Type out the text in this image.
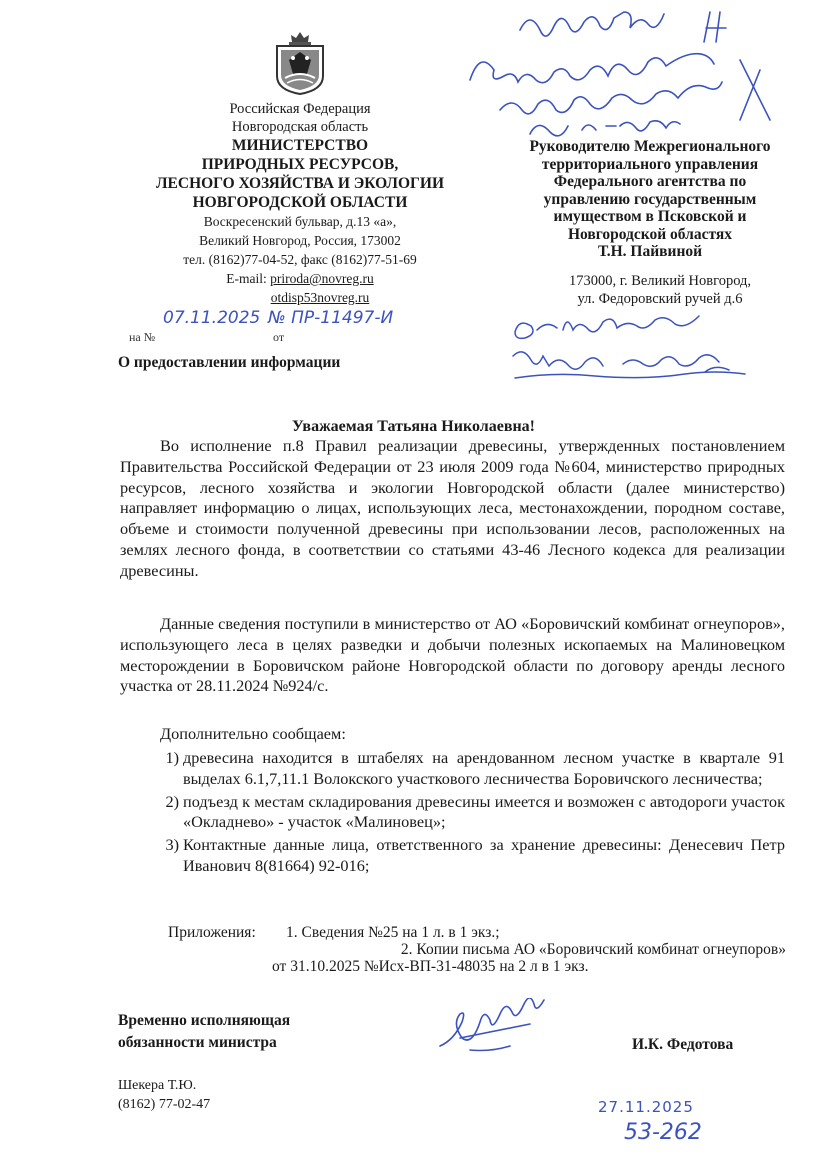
Российская Федерация
Новгородская область
МИНИСТЕРСТВО
ПРИРОДНЫХ РЕСУРСОВ,
ЛЕСНОГО ХОЗЯЙСТВА И ЭКОЛОГИИ
НОВГОРОДСКОЙ ОБЛАСТИ
Воскресенский бульвар, д.13 «а»,
Великий Новгород, Россия, 173002
тел. (8162)77-04-52, факс (8162)77-51-69
E-mail: priroda@novreg.ru
otdisp53novreg.ru
07.11.2025 № ПР-11497-И
на №	от
Руководителю Межрегионального
территориального управления
Федерального агентства по
управлению государственным
имуществом в Псковской и
Новгородской областях
Т.Н. Пайвиной
173000, г. Великий Новгород,
ул. Федоровский ручей д.6
О предоставлении информации
Уважаемая Татьяна Николаевна!
Во исполнение п.8 Правил реализации древесины, утвержденных постановлением Правительства Российской Федерации от 23 июля 2009 года №604, министерство природных ресурсов, лесного хозяйства и экологии Новгородской области (далее министерство) направляет информацию о лицах, использующих леса, местонахождении, породном составе, объеме и стоимости полученной древесины при использовании лесов, расположенных на землях лесного фонда, в соответствии со статьями 43-46 Лесного кодекса для реализации древесины.
Данные сведения поступили в министерство от АО «Боровичский комбинат огнеупоров», использующего леса в целях разведки и добычи полезных ископаемых на Малиновецком месторождении в Боровичском районе Новгородской области по договору аренды лесного участка от 28.11.2024 №924/с.
Дополнительно сообщаем:
1) древесина находится в штабелях на арендованном лесном участке в квартале 91 выделах 6.1,7,11.1 Волокского участкового лесничества Боровичского лесничества;
2) подъезд к местам складирования древесины имеется и возможен с автодороги участок «Окладнево» - участок «Малиновец»;
3) Контактные данные лица, ответственного за хранение древесины: Денесевич Петр Иванович 8(81664) 92-016;
Приложения: 1. Сведения №25 на 1 л. в 1 экз.;
2. Копии письма АО «Боровичский комбинат огнеупоров»
от 31.10.2025 №Исх-ВП-31-48035 на 2 л в 1 экз.
Временно исполняющая
обязанности министра	И.К. Федотова
Шекера Т.Ю.
(8162) 77-02-47	27.11.2025
53-262
